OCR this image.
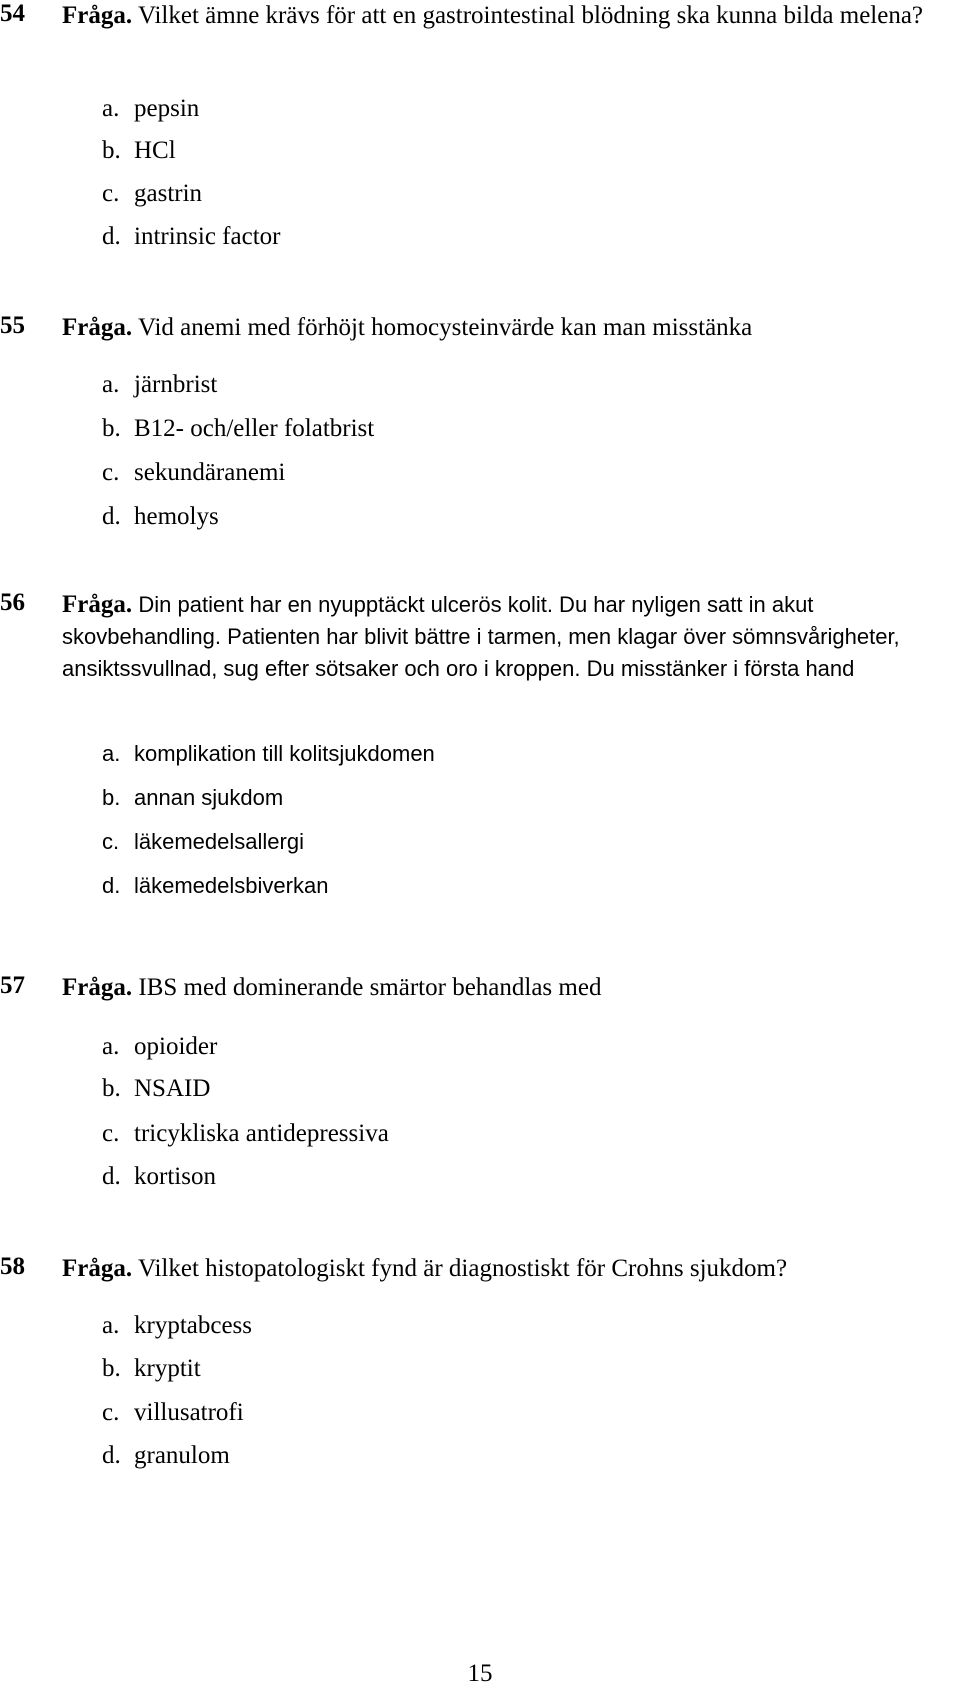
54 Fråga. Vilket ämne krävs för att en gastrointestinal blödning ska kunna bilda melena?
a. pepsin
b. HCl
c. gastrin
d. intrinsic factor
55 Fråga. Vid anemi med förhöjt homocysteinvärde kan man misstänka
a. järnbrist
b. B12- och/eller folatbrist
c. sekundäranemi
d. hemolys
56 Fråga. Din patient har en nyupptäckt ulcerös kolit. Du har nyligen satt in akut skovbehandling. Patienten har blivit bättre i tarmen, men klagar över sömnsvårigheter, ansiktssvullnad, sug efter sötsaker och oro i kroppen. Du misstänker i första hand
a. komplikation till kolitsjukdomen
b. annan sjukdom
c. läkemedelsallergi
d. läkemedelsbiverkan
57 Fråga. IBS med dominerande smärtor behandlas med
a. opioider
b. NSAID
c. tricykliska antidepressiva
d. kortison
58 Fråga. Vilket histopatologiskt fynd är diagnostiskt för Crohns sjukdom?
a. kryptabcess
b. kryptit
c. villusatrofi
d. granulom
15
